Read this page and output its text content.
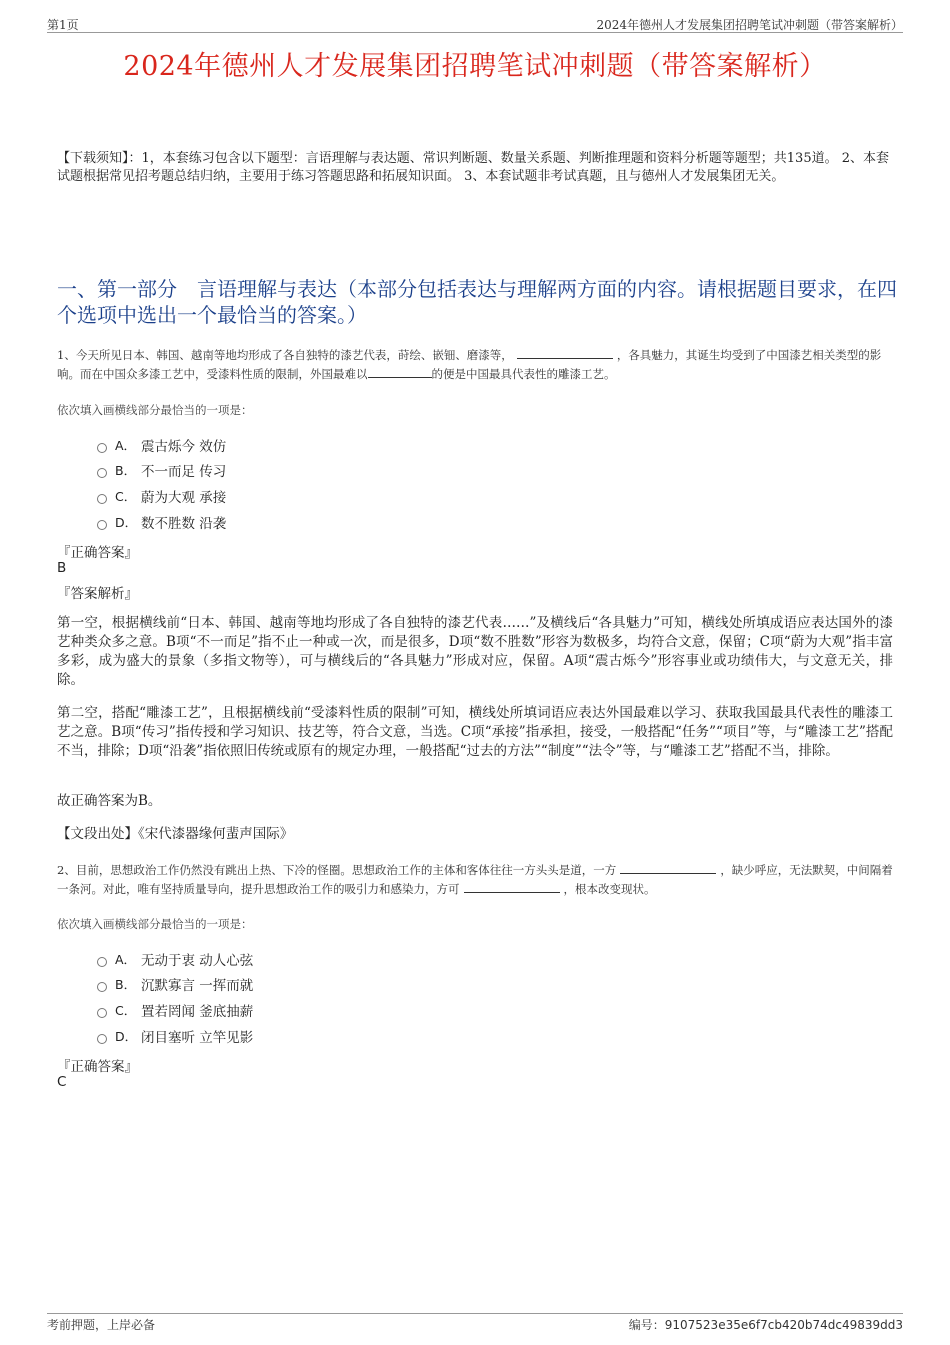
第1页	2024年德州人才发展集团招聘笔试冲刺题（带答案解析）
2024年德州人才发展集团招聘笔试冲刺题（带答案解析）
【下载须知】：1，本套练习包含以下题型：言语理解与表达题、常识判断题、数量关系题、判断推理题和资料分析题等题型；共135道。 2、本套试题根据常见招考题总结归纳，主要用于练习答题思路和拓展知识面。 3、本套试题非考试真题，且与德州人才发展集团无关。
一、第一部分　言语理解与表达（本部分包括表达与理解两方面的内容。请根据题目要求，在四个选项中选出一个最恰当的答案。）
1、今天所见日本、韩国、越南等地均形成了各自独特的漆艺代表，莳绘、嵌钿、磨漆等，	，各具魅力，其诞生均受到了中国漆艺相关类型的影响。而在中国众多漆工艺中，受漆料性质的限制，外国最难以	的便是中国最具代表性的雕漆工艺。
依次填入画横线部分最恰当的一项是：
A． 震古烁今 效仿
B． 不一而足 传习
C． 蔚为大观 承接
D． 数不胜数 沿袭
『正确答案』
B
『答案解析』
第一空，根据横线前“日本、韩国、越南等地均形成了各自独特的漆艺代表……”及横线后“各具魅力”可知，横线处所填成语应表达国外的漆艺种类众多之意。B项“不一而足”指不止一种或一次，而是很多，D项“数不胜数”形容为数极多，均符合文意，保留；C项“蔚为大观”指丰富多彩，成为盛大的景象（多指文物等），可与横线后的“各具魅力”形成对应，保留。A项“震古烁今”形容事业或功绩伟大，与文意无关，排除。
第二空，搭配“雕漆工艺”，且根据横线前“受漆料性质的限制”可知，横线处所填词语应表达外国最难以学习、获取我国最具代表性的雕漆工艺之意。B项“传习”指传授和学习知识、技艺等，符合文意，当选。C项“承接”指承担，接受，一般搭配“任务”“项目”等，与“雕漆工艺”搭配不当，排除；D项“沿袭”指依照旧传统或原有的规定办理，一般搭配“过去的方法”“制度”“法令”等，与“雕漆工艺”搭配不当，排除。
故正确答案为B。
【文段出处】《宋代漆器缘何蜚声国际》
2、目前，思想政治工作仍然没有跳出上热、下冷的怪圈。思想政治工作的主体和客体往往一方头头是道，一方	，缺少呼应，无法默契，中间隔着一条河。对此，唯有坚持质量导向，提升思想政治工作的吸引力和感染力，方可	，根本改变现状。
依次填入画横线部分最恰当的一项是：
A． 无动于衷 动人心弦
B． 沉默寡言 一挥而就
C． 置若罔闻 釜底抽薪
D． 闭目塞听 立竿见影
『正确答案』
C
考前押题，上岸必备	编号：9107523e35e6f7cb420b74dc49839dd3
